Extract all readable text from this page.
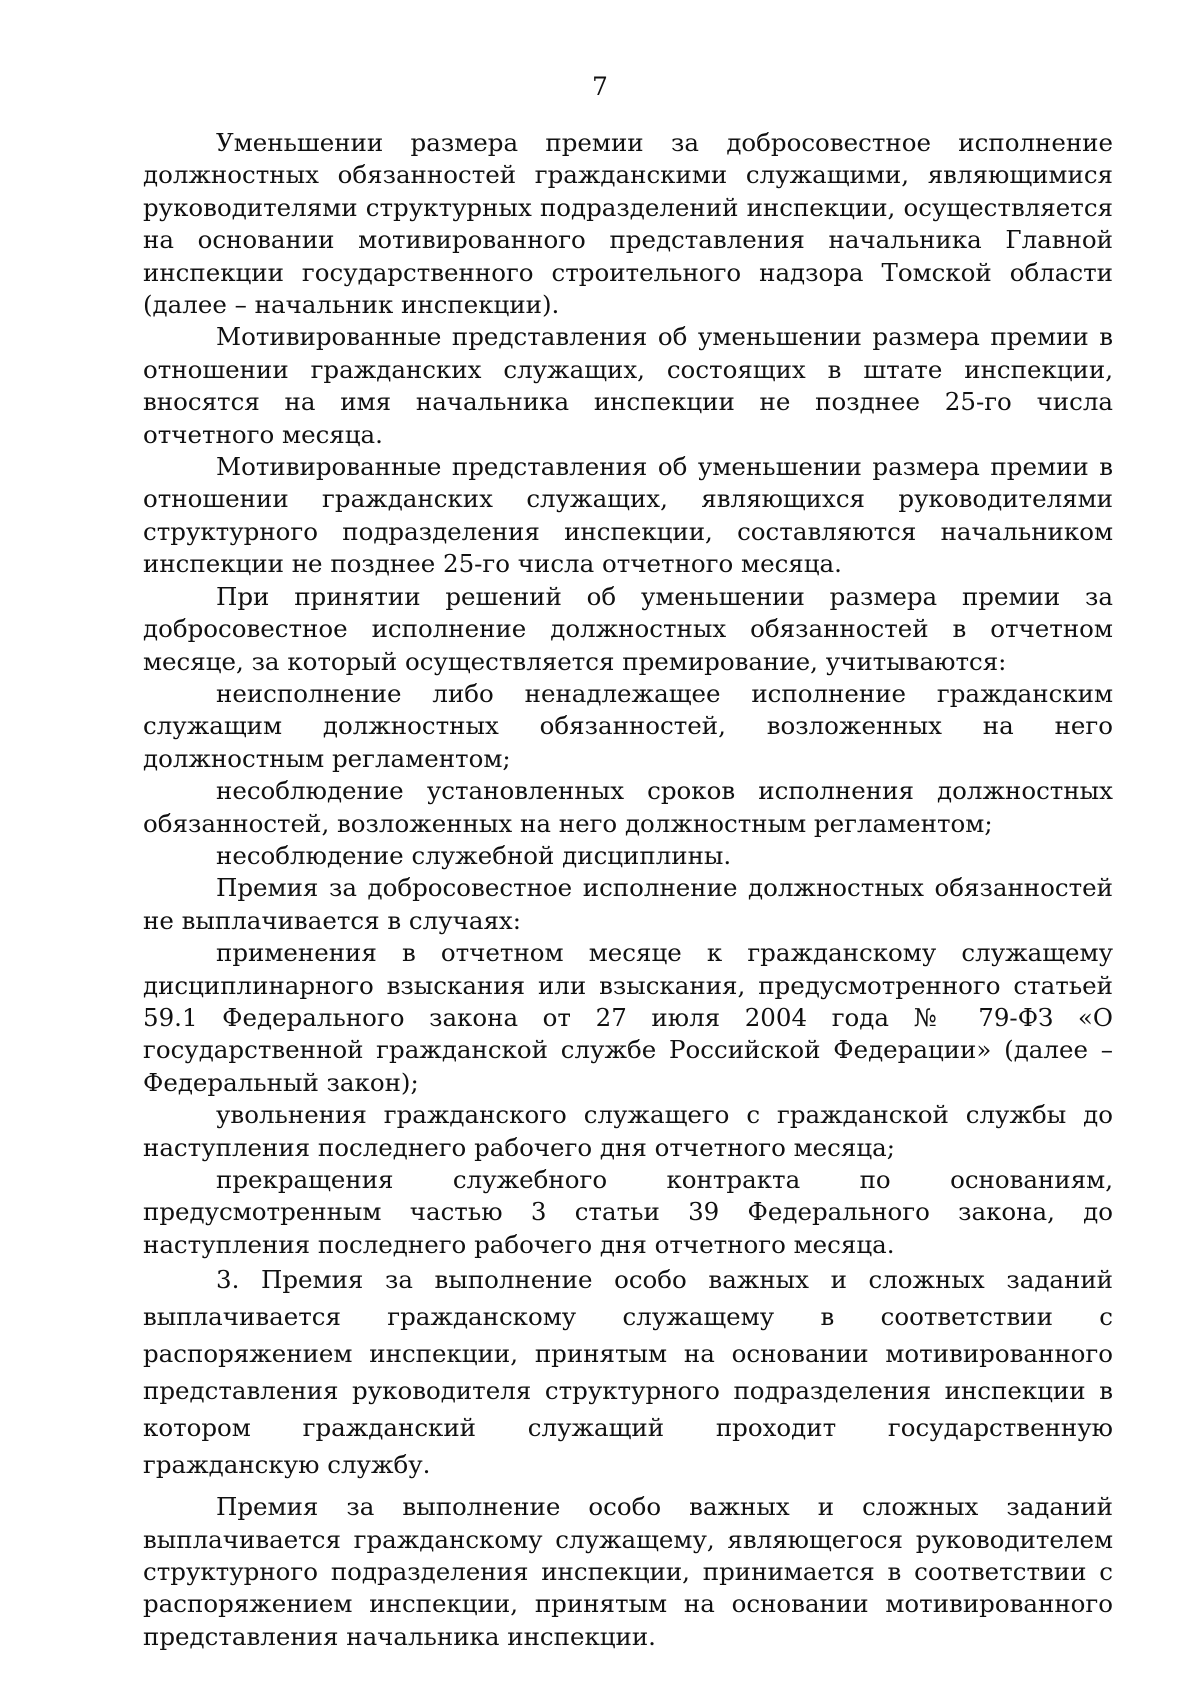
7

Уменьшении размера премии за добросовестное исполнение должностных обязанностей гражданскими служащими, являющимися руководителями структурных подразделений инспекции, осуществляется на основании мотивированного представления начальника Главной инспекции государственного строительного надзора Томской области (далее – начальник инспекции).

Мотивированные представления об уменьшении размера премии в отношении гражданских служащих, состоящих в штате инспекции, вносятся на имя начальника инспекции не позднее 25-го числа отчетного месяца.

Мотивированные представления об уменьшении размера премии в отношении гражданских служащих, являющихся руководителями структурного подразделения инспекции, составляются начальником инспекции не позднее 25-го числа отчетного месяца.

При принятии решений об уменьшении размера премии за добросовестное исполнение должностных обязанностей в отчетном месяце, за который осуществляется премирование, учитываются:

неисполнение либо ненадлежащее исполнение гражданским служащим должностных обязанностей, возложенных на него должностным регламентом;

несоблюдение установленных сроков исполнения должностных обязанностей, возложенных на него должностным регламентом;

несоблюдение служебной дисциплины.

Премия за добросовестное исполнение должностных обязанностей не выплачивается в случаях:

применения в отчетном месяце к гражданскому служащему дисциплинарного взыскания или взыскания, предусмотренного статьей 59.1 Федерального закона от 27 июля 2004 года № 79-ФЗ «О государственной гражданской службе Российской Федерации» (далее – Федеральный закон);

увольнения гражданского служащего с гражданской службы до наступления последнего рабочего дня отчетного месяца;

прекращения служебного контракта по основаниям, предусмотренным частью 3 статьи 39 Федерального закона, до наступления последнего рабочего дня отчетного месяца.

3. Премия за выполнение особо важных и сложных заданий выплачивается гражданскому служащему в соответствии с распоряжением инспекции, принятым на основании мотивированного представления руководителя структурного подразделения инспекции в котором гражданский служащий проходит государственную гражданскую службу.

Премия за выполнение особо важных и сложных заданий выплачивается гражданскому служащему, являющегося руководителем структурного подразделения инспекции, принимается в соответствии с распоряжением инспекции, принятым на основании мотивированного представления начальника инспекции.
